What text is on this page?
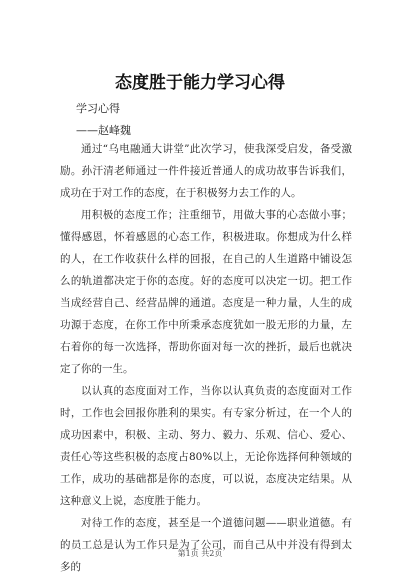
态度胜于能力学习心得
学习心得
——赵峰魏

通过“乌电融通大讲堂”此次学习，使我深受启发，备受激励。孙汗清老师通过一件件接近普通人的成功故事告诉我们，成功在于对工作的态度，在于积极努力去工作的人。

用积极的态度工作；注重细节，用做大事的心态做小事；懂得感恩，怀着感恩的心态工作，积极进取。你想成为什么样的人，在工作收获什么样的回报，在自己的人生道路中铺设怎么的轨道都决定于你的态度。好的态度可以决定一切。把工作当成经营自己、经营品牌的通道。态度是一种力量，人生的成功源于态度，在你工作中所秉承态度犹如一股无形的力量，左右着你的每一次选择，帮助你面对每一次的挫折，最后也就决定了你的一生。

以认真的态度面对工作，当你以认真负责的态度面对工作时，工作也会回报你胜利的果实。有专家分析过，在一个人的成功因素中，积极、主动、努力、毅力、乐观、信心、爱心、责任心等这些积极的态度占80%以上，无论你选择何种领域的工作，成功的基础都是你的态度，可以说，态度决定结果。从这种意义上说，态度胜于能力。

对待工作的态度，甚至是一个道德问题——职业道德。有的员工总是认为工作只是为了公司，而自己从中并没有得到太多的

第1页 共2页
